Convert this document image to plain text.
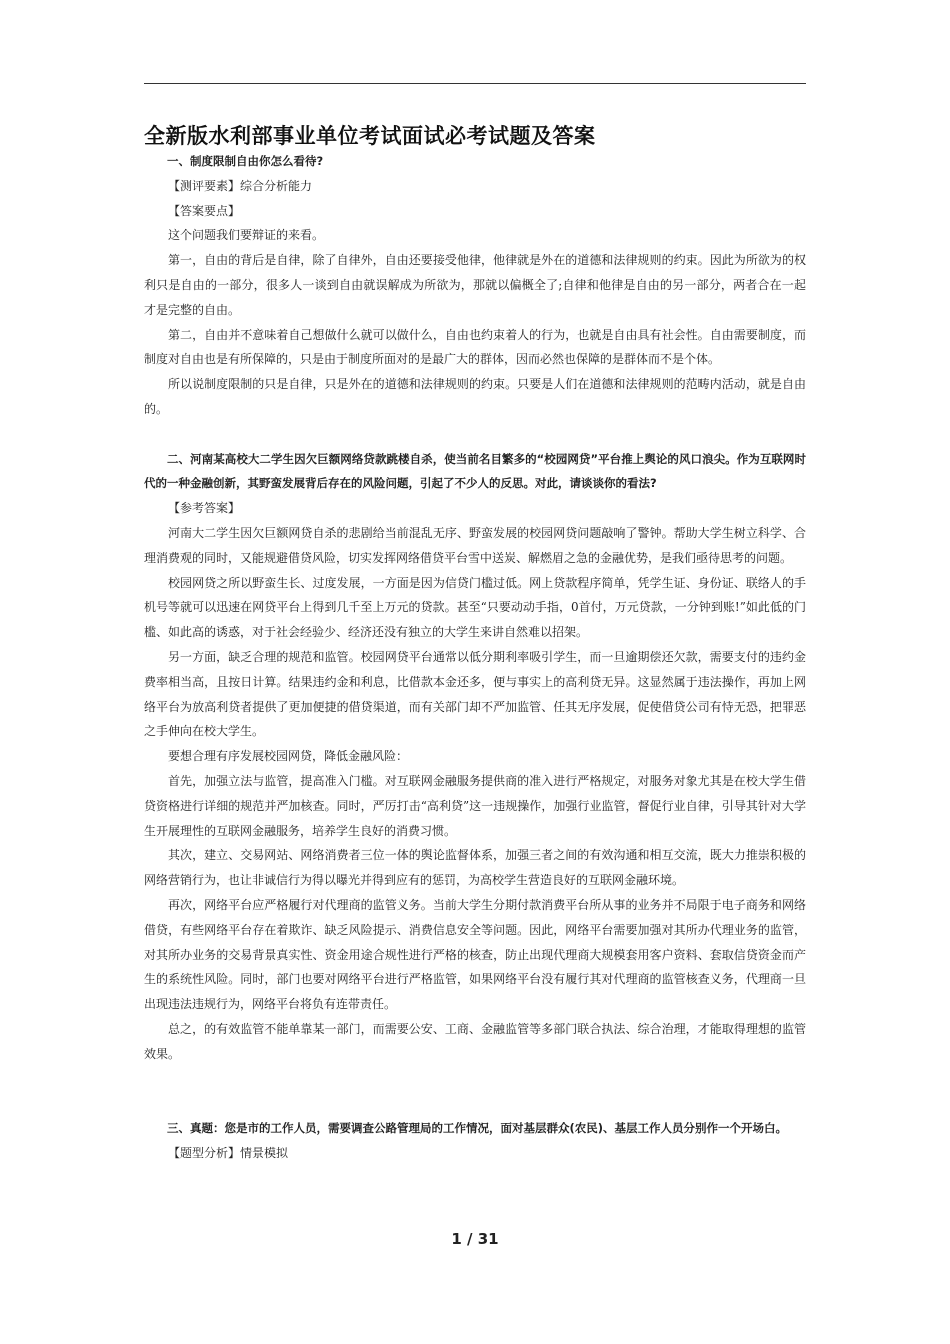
全新版水利部事业单位考试面试必考试题及答案

一、制度限制自由你怎么看待?

【测评要素】综合分析能力

【答案要点】

这个问题我们要辩证的来看。

第一，自由的背后是自律，除了自律外，自由还要接受他律，他律就是外在的道德和法律规则的约束。因此为所欲为的权利只是自由的一部分，很多人一谈到自由就误解成为所欲为，那就以偏概全了;自律和他律是自由的另一部分，两者合在一起才是完整的自由。

第二，自由并不意味着自己想做什么就可以做什么，自由也约束着人的行为，也就是自由具有社会性。自由需要制度，而制度对自由也是有所保障的，只是由于制度所面对的是最广大的群体，因而必然也保障的是群体而不是个体。

所以说制度限制的只是自律，只是外在的道德和法律规则的约束。只要是人们在道德和法律规则的范畴内活动，就是自由的。

二、河南某高校大二学生因欠巨额网络贷款跳楼自杀，使当前名目繁多的“校园网贷”平台推上舆论的风口浪尖。作为互联网时代的一种金融创新，其野蛮发展背后存在的风险问题，引起了不少人的反思。对此，请谈谈你的看法?

【参考答案】

河南大二学生因欠巨额网贷自杀的悲剧给当前混乱无序、野蛮发展的校园网贷问题敲响了警钟。帮助大学生树立科学、合理消费观的同时，又能规避借贷风险，切实发挥网络借贷平台雪中送炭、解燃眉之急的金融优势，是我们亟待思考的问题。

校园网贷之所以野蛮生长、过度发展，一方面是因为信贷门槛过低。网上贷款程序简单，凭学生证、身份证、联络人的手机号等就可以迅速在网贷平台上得到几千至上万元的贷款。甚至“只要动动手指，0首付，万元贷款，一分钟到账!”如此低的门槛、如此高的诱惑，对于社会经验少、经济还没有独立的大学生来讲自然难以招架。

另一方面，缺乏合理的规范和监管。校园网贷平台通常以低分期利率吸引学生，而一旦逾期偿还欠款，需要支付的违约金费率相当高，且按日计算。结果违约金和利息，比借款本金还多，便与事实上的高利贷无异。这显然属于违法操作，再加上网络平台为放高利贷者提供了更加便捷的借贷渠道，而有关部门却不严加监管、任其无序发展，促使借贷公司有恃无恐，把罪恶之手伸向在校大学生。

要想合理有序发展校园网贷，降低金融风险：

首先，加强立法与监管，提高准入门槛。对互联网金融服务提供商的准入进行严格规定，对服务对象尤其是在校大学生借贷资格进行详细的规范并严加核查。同时，严厉打击“高利贷”这一违规操作，加强行业监管，督促行业自律，引导其针对大学生开展理性的互联网金融服务，培养学生良好的消费习惯。

其次，建立、交易网站、网络消费者三位一体的舆论监督体系，加强三者之间的有效沟通和相互交流，既大力推崇积极的网络营销行为，也让非诚信行为得以曝光并得到应有的惩罚，为高校学生营造良好的互联网金融环境。

再次，网络平台应严格履行对代理商的监管义务。当前大学生分期付款消费平台所从事的业务并不局限于电子商务和网络借贷，有些网络平台存在着欺诈、缺乏风险提示、消费信息安全等问题。因此，网络平台需要加强对其所办代理业务的监管，对其所办业务的交易背景真实性、资金用途合规性进行严格的核查，防止出现代理商大规模套用客户资料、套取信贷资金而产生的系统性风险。同时，部门也要对网络平台进行严格监管，如果网络平台没有履行其对代理商的监管核查义务，代理商一旦出现违法违规行为，网络平台将负有连带责任。

总之，的有效监管不能单靠某一部门，而需要公安、工商、金融监管等多部门联合执法、综合治理，才能取得理想的监管效果。

三、真题：您是市的工作人员，需要调查公路管理局的工作情况，面对基层群众(农民)、基层工作人员分别作一个开场白。

【题型分析】情景模拟

1 / 31
